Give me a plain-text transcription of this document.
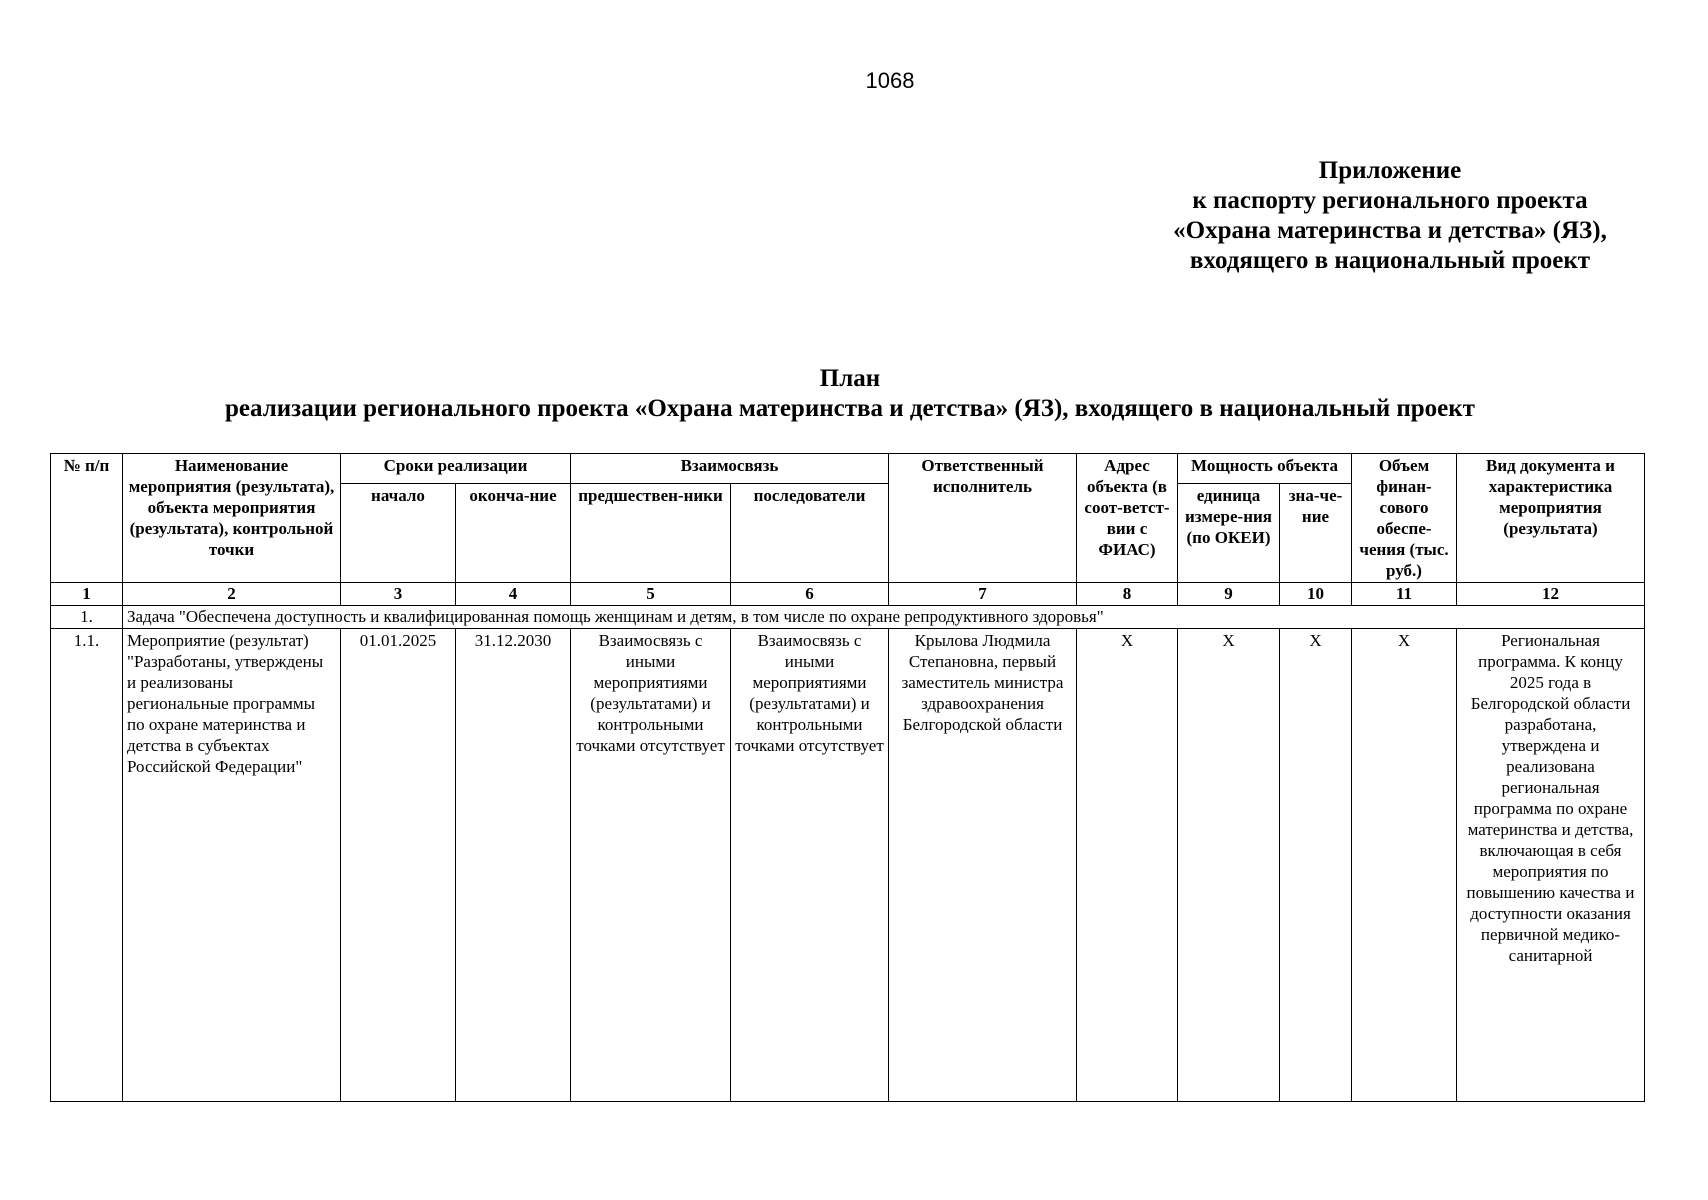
1068
Приложение
к паспорту регионального проекта
«Охрана материнства и детства» (ЯЗ),
входящего в национальный проект
План
реализации регионального проекта «Охрана материнства и детства» (ЯЗ), входящего в национальный проект
№ п/п	Наименование мероприятия (результата), объекта мероприятия (результата), контрольной точки	Сроки реализации		Взаимосвязь		Ответственный исполнитель	Адрес объекта (в соот-ветст-вии с ФИАС)	Мощность объекта		Объем финан-сового обеспе-чения (тыс. руб.)	Вид документа и характеристика мероприятия (результата)
		начало	оконча-ние	предшествен-ники	последователи			единица измере-ния (по ОКЕИ)	зна-че-ние		
1	2	3	4	5	6	7	8	9	10	11	12
1.	Задача "Обеспечена доступность и квалифицированная помощь женщинам и детям, в том числе по охране репродуктивного здоровья"										
1.1.	Мероприятие (результат) "Разработаны, утверждены и реализованы региональные программы по охране материнства и детства в субъектах Российской Федерации"	01.01.2025	31.12.2030	Взаимосвязь с иными мероприятиями (результатами) и контрольными точками отсутствует	Взаимосвязь с иными мероприятиями (результатами) и контрольными точками отсутствует	Крылова Людмила Степановна, первый заместитель министра здравоохранения Белгородской области	X	X	X	X	Региональная программа. К концу 2025 года в Белгородской области разработана, утверждена и реализована региональная программа по охране материнства и детства, включающая в себя мероприятия по повышению качества и доступности оказания первичной медико-санитарной
